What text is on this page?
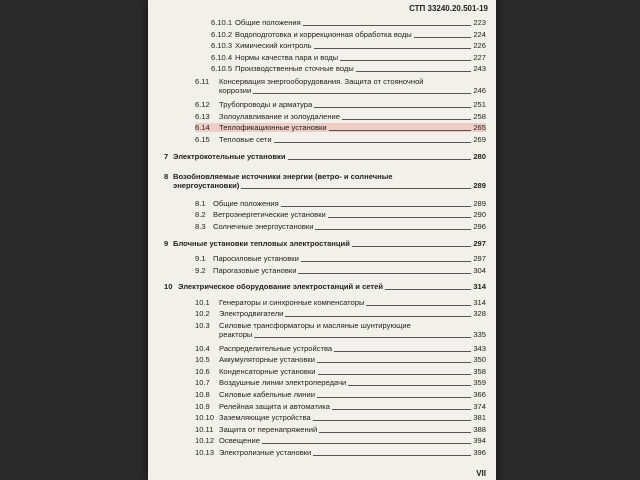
СТП 33240.20.501-19
6.10.1 Общие положения	223
6.10.2 Водоподготовка и коррекционная обработка воды	224
6.10.3 Химический контроль	226
6.10.4 Нормы качества пара и воды	227
6.10.5 Производственные сточные воды	243
6.11 Консервация энергооборудования. Защита от стояночной
коррозии	246
6.12 Трубопроводы и арматура	251
6.13 Золоулавливание и золоудаление	258
6.14 Теплофикационные установки	265
6.15 Тепловые сети	269
7 Электрокотельные установки	280
8 Возобновляемые источники энергии (ветро- и солнечные
энергоустановки)	289
8.1 Общие положения	289
8.2 Ветроэнергетические установки	290
8.3 Солнечные энергоустановки	296
9 Блочные установки тепловых электростанций	297
9.1 Паросиловые установки	297
9.2 Парогазовые установки	304
10 Электрическое оборудование электростанций и сетей	314
10.1 Генераторы и синхронные компенсаторы	314
10.2 Электродвигатели	328
10.3 Силовые трансформаторы и масляные шунтирующие
реакторы	335
10.4 Распределительные устройства	343
10.5 Аккумуляторные установки	350
10.6 Конденсаторные установки	358
10.7 Воздушные линии электропередачи	359
10.8 Силовые кабельные линии	366
10.9 Релейная защита и автоматика	374
10.10 Заземляющие устройства	381
10.11 Защита от перенапряжений	388
10.12 Освещение	394
10.13 Электролизные установки	396
VII
